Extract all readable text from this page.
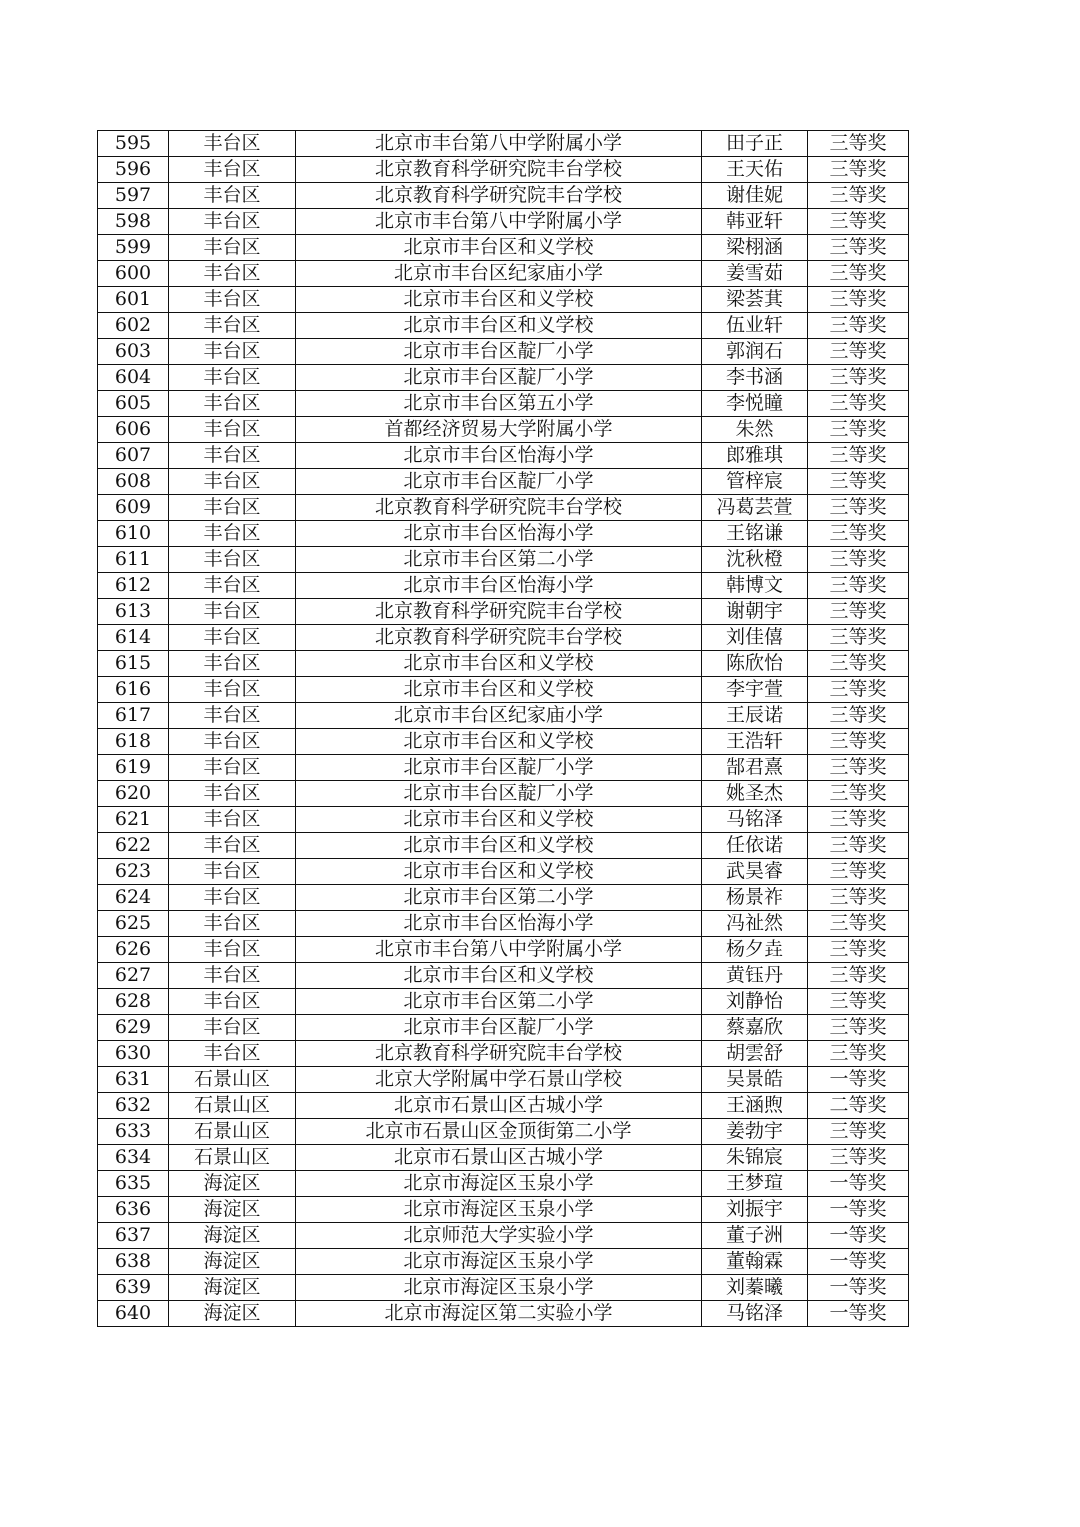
595	丰台区	北京市丰台第八中学附属小学	田子正	三等奖
596	丰台区	北京教育科学研究院丰台学校	王天佑	三等奖
597	丰台区	北京教育科学研究院丰台学校	谢佳妮	三等奖
598	丰台区	北京市丰台第八中学附属小学	韩亚轩	三等奖
599	丰台区	北京市丰台区和义学校	梁栩涵	三等奖
600	丰台区	北京市丰台区纪家庙小学	姜雪茹	三等奖
601	丰台区	北京市丰台区和义学校	梁荟萁	三等奖
602	丰台区	北京市丰台区和义学校	伍业轩	三等奖
603	丰台区	北京市丰台区靛厂小学	郭润石	三等奖
604	丰台区	北京市丰台区靛厂小学	李书涵	三等奖
605	丰台区	北京市丰台区第五小学	李悦瞳	三等奖
606	丰台区	首都经济贸易大学附属小学	朱然	三等奖
607	丰台区	北京市丰台区怡海小学	郎雅琪	三等奖
608	丰台区	北京市丰台区靛厂小学	管梓宸	三等奖
609	丰台区	北京教育科学研究院丰台学校	冯葛芸萱	三等奖
610	丰台区	北京市丰台区怡海小学	王铭谦	三等奖
611	丰台区	北京市丰台区第二小学	沈秋橙	三等奖
612	丰台区	北京市丰台区怡海小学	韩博文	三等奖
613	丰台区	北京教育科学研究院丰台学校	谢朝宇	三等奖
614	丰台区	北京教育科学研究院丰台学校	刘佳僖	三等奖
615	丰台区	北京市丰台区和义学校	陈欣怡	三等奖
616	丰台区	北京市丰台区和义学校	李宇萱	三等奖
617	丰台区	北京市丰台区纪家庙小学	王辰诺	三等奖
618	丰台区	北京市丰台区和义学校	王浩轩	三等奖
619	丰台区	北京市丰台区靛厂小学	郜君熹	三等奖
620	丰台区	北京市丰台区靛厂小学	姚圣杰	三等奖
621	丰台区	北京市丰台区和义学校	马铭泽	三等奖
622	丰台区	北京市丰台区和义学校	任依诺	三等奖
623	丰台区	北京市丰台区和义学校	武昊睿	三等奖
624	丰台区	北京市丰台区第二小学	杨景祚	三等奖
625	丰台区	北京市丰台区怡海小学	冯祉然	三等奖
626	丰台区	北京市丰台第八中学附属小学	杨夕垚	三等奖
627	丰台区	北京市丰台区和义学校	黄钰丹	三等奖
628	丰台区	北京市丰台区第二小学	刘静怡	三等奖
629	丰台区	北京市丰台区靛厂小学	蔡嘉欣	三等奖
630	丰台区	北京教育科学研究院丰台学校	胡雲舒	三等奖
631	石景山区	北京大学附属中学石景山学校	吴景皓	一等奖
632	石景山区	北京市石景山区古城小学	王涵煦	二等奖
633	石景山区	北京市石景山区金顶街第二小学	姜勃宇	三等奖
634	石景山区	北京市石景山区古城小学	朱锦宸	三等奖
635	海淀区	北京市海淀区玉泉小学	王梦瑄	一等奖
636	海淀区	北京市海淀区玉泉小学	刘振宇	一等奖
637	海淀区	北京师范大学实验小学	董子洲	一等奖
638	海淀区	北京市海淀区玉泉小学	董翰霖	一等奖
639	海淀区	北京市海淀区玉泉小学	刘蓁曦	一等奖
640	海淀区	北京市海淀区第二实验小学	马铭泽	一等奖
